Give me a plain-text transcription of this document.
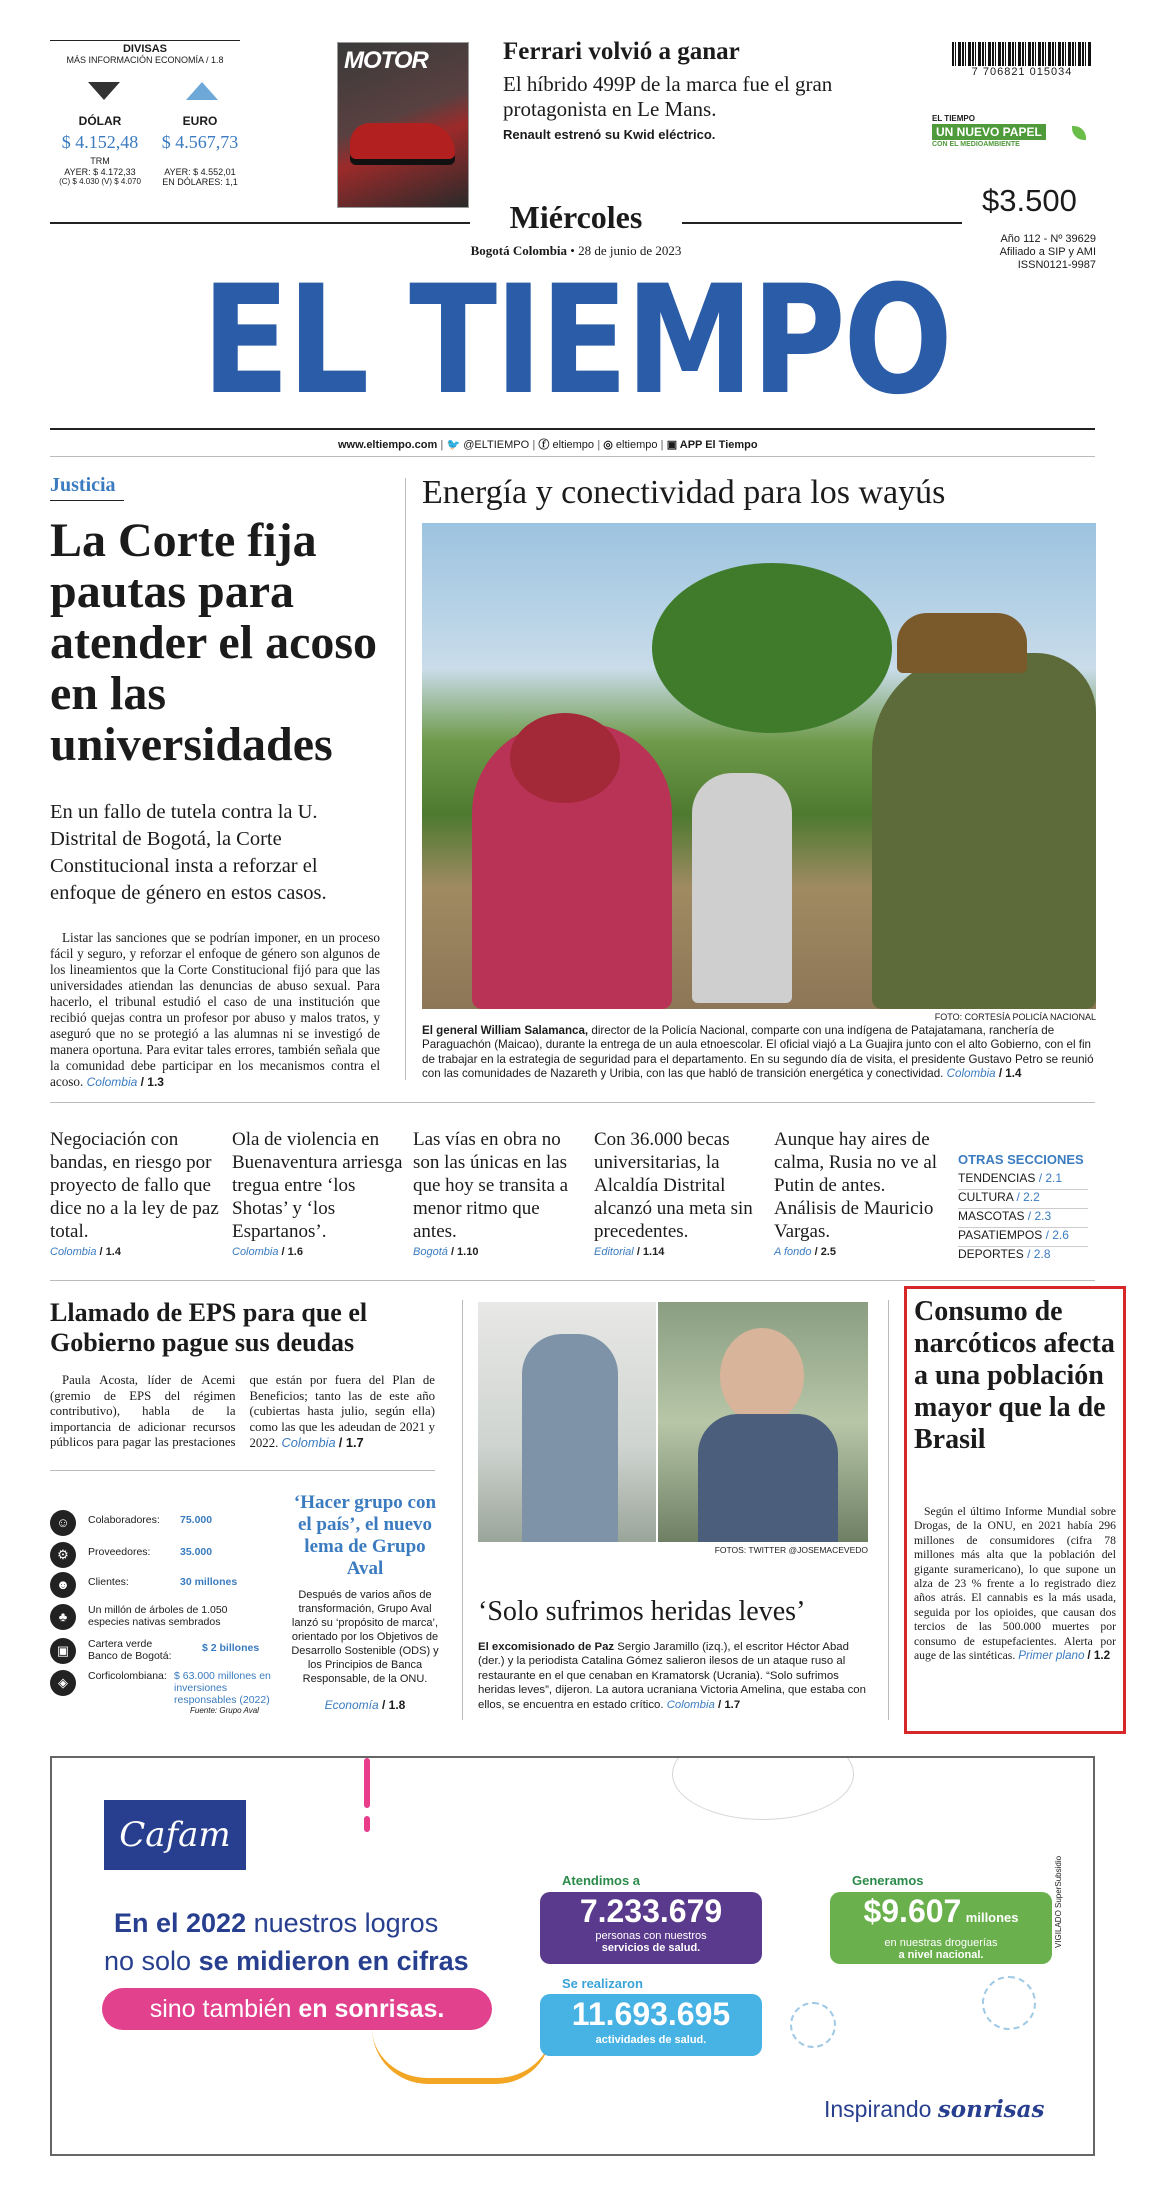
DIVISAS
MÁS INFORMACIÓN ECONOMÍA / 1.8
DÓLAR	EURO
$ 4.152,48	$ 4.567,73
TRM
AYER: $ 4.172,33
(C) $ 4.030 (V) $ 4.070
AYER: $ 4.552,01
EN DÓLARES: 1,1
MOTOR	Ferrari volvió a ganar
El híbrido 499P de la marca fue el gran protagonista en Le Mans.
Renault estrenó su Kwid eléctrico.
7 706821 015034
EL TIEMPO
UN NUEVO PAPEL
CON EL MEDIOAMBIENTE
$3.500
Año 112 - Nº 39629
Afiliado a SIP y AMI
ISSN0121-9987
Miércoles
Bogotá Colombia • 28 de junio de 2023
EL TIEMPO
www.eltiempo.com | 🐦 @ELTIEMPO | ⓕ eltiempo | ◎ eltiempo | ▣ APP El Tiempo
Justicia
La Corte fija pautas para atender el acoso en las universidades
En un fallo de tutela contra la U. Distrital de Bogotá, la Corte Constitucional insta a reforzar el enfoque de género en estos casos.
Listar las sanciones que se podrían imponer, en un proceso fácil y seguro, y reforzar el enfoque de género son algunos de los lineamientos que la Corte Constitucional fijó para que las universidades atiendan las denuncias de abuso sexual. Para hacerlo, el tribunal estudió el caso de una institución que recibió quejas contra un profesor por abuso y malos tratos, y aseguró que no se protegió a las alumnas ni se investigó de manera oportuna. Para evitar tales errores, también señala que la comunidad debe participar en los mecanismos contra el acoso. Colombia / 1.3
Energía y conectividad para los wayús
FOTO: CORTESÍA POLICÍA NACIONAL
El general William Salamanca, director de la Policía Nacional, comparte con una indígena de Patajatamana, ranchería de Paraguachón (Maicao), durante la entrega de un aula etnoescolar. El oficial viajó a La Guajira junto con el alto Gobierno, con el fin de trabajar en la estrategia de seguridad para el departamento. En su segundo día de visita, el presidente Gustavo Petro se reunió con las comunidades de Nazareth y Uribia, con las que habló de transición energética y conectividad. Colombia / 1.4
Negociación con bandas, en riesgo por proyecto de fallo que dice no a la ley de paz total.
Colombia / 1.4
Ola de violencia en Buenaventura arriesga tregua entre ‘los Shotas’ y ‘los Espartanos’.
Colombia / 1.6
Las vías en obra no son las únicas en las que hoy se transita a menor ritmo que antes.
Bogotá / 1.10
Con 36.000 becas universitarias, la Alcaldía Distrital alcanzó una meta sin precedentes.
Editorial / 1.14
Aunque hay aires de calma, Rusia no ve al Putin de antes. Análisis de Mauricio Vargas.
A fondo / 2.5
OTRAS SECCIONES
TENDENCIAS / 2.1
CULTURA / 2.2
MASCOTAS / 2.3
PASATIEMPOS / 2.6
DEPORTES / 2.8
Llamado de EPS para que el Gobierno pague sus deudas
Paula Acosta, líder de Acemi (gremio de EPS del régimen contributivo), habla de la importancia de adicionar recursos públicos para pagar las prestaciones que están por fuera del Plan de Beneficios; tanto las de este año (cubiertas hasta julio, según ella) como las que les adeudan de 2021 y 2022. Colombia / 1.7
☺	Colaboradores:	75.000
⚙	Proveedores:	35.000
☻	Clientes:	30 millones
♣	Un millón de árboles de 1.050 especies nativas sembrados
▣	Cartera verde Banco de Bogotá:
$ 2 billones
◈	Corficolombiana: $ 63.000 millones en inversiones responsables (2022)
Fuente: Grupo Aval
‘Hacer grupo con el país’, el nuevo lema de Grupo Aval
Después de varios años de transformación, Grupo Aval lanzó su ‘propósito de marca’, orientado por los Objetivos de Desarrollo Sostenible (ODS) y los Principios de Banca Responsable, de la ONU.
Economía / 1.8
FOTOS: TWITTER @JOSEMACEVEDO
‘Solo sufrimos heridas leves’
El excomisionado de Paz Sergio Jaramillo (izq.), el escritor Héctor Abad (der.) y la periodista Catalina Gómez salieron ilesos de un ataque ruso al restaurante en el que cenaban en Kramatorsk (Ucrania). “Solo sufrimos heridas leves”, dijeron. La autora ucraniana Victoria Amelina, que estaba con ellos, se encuentra en estado crítico. Colombia / 1.7
Consumo de narcóticos afecta a una población mayor que la de Brasil
Según el último Informe Mundial sobre Drogas, de la ONU, en 2021 había 296 millones de consumidores (cifra 78 millones más alta que la población del gigante suramericano), lo que supone un alza de 23 % frente a lo registrado diez años atrás. El cannabis es la más usada, seguida por los opioides, que causan dos tercios de las 500.000 muertes por consumo de estupefacientes. Alerta por auge de las sintéticas. Primer plano / 1.2
Cafam
En el 2022 nuestros logros
no solo se midieron en cifras
sino también en sonrisas.
Atendimos a
7.233.679
personas con nuestros
servicios de salud.
Se realizaron
11.693.695
actividades de salud.
Generamos
$9.607 millones
en nuestras droguerías
a nivel nacional.
Inspirando sonrisas
VIGILADO SuperSubsidio
